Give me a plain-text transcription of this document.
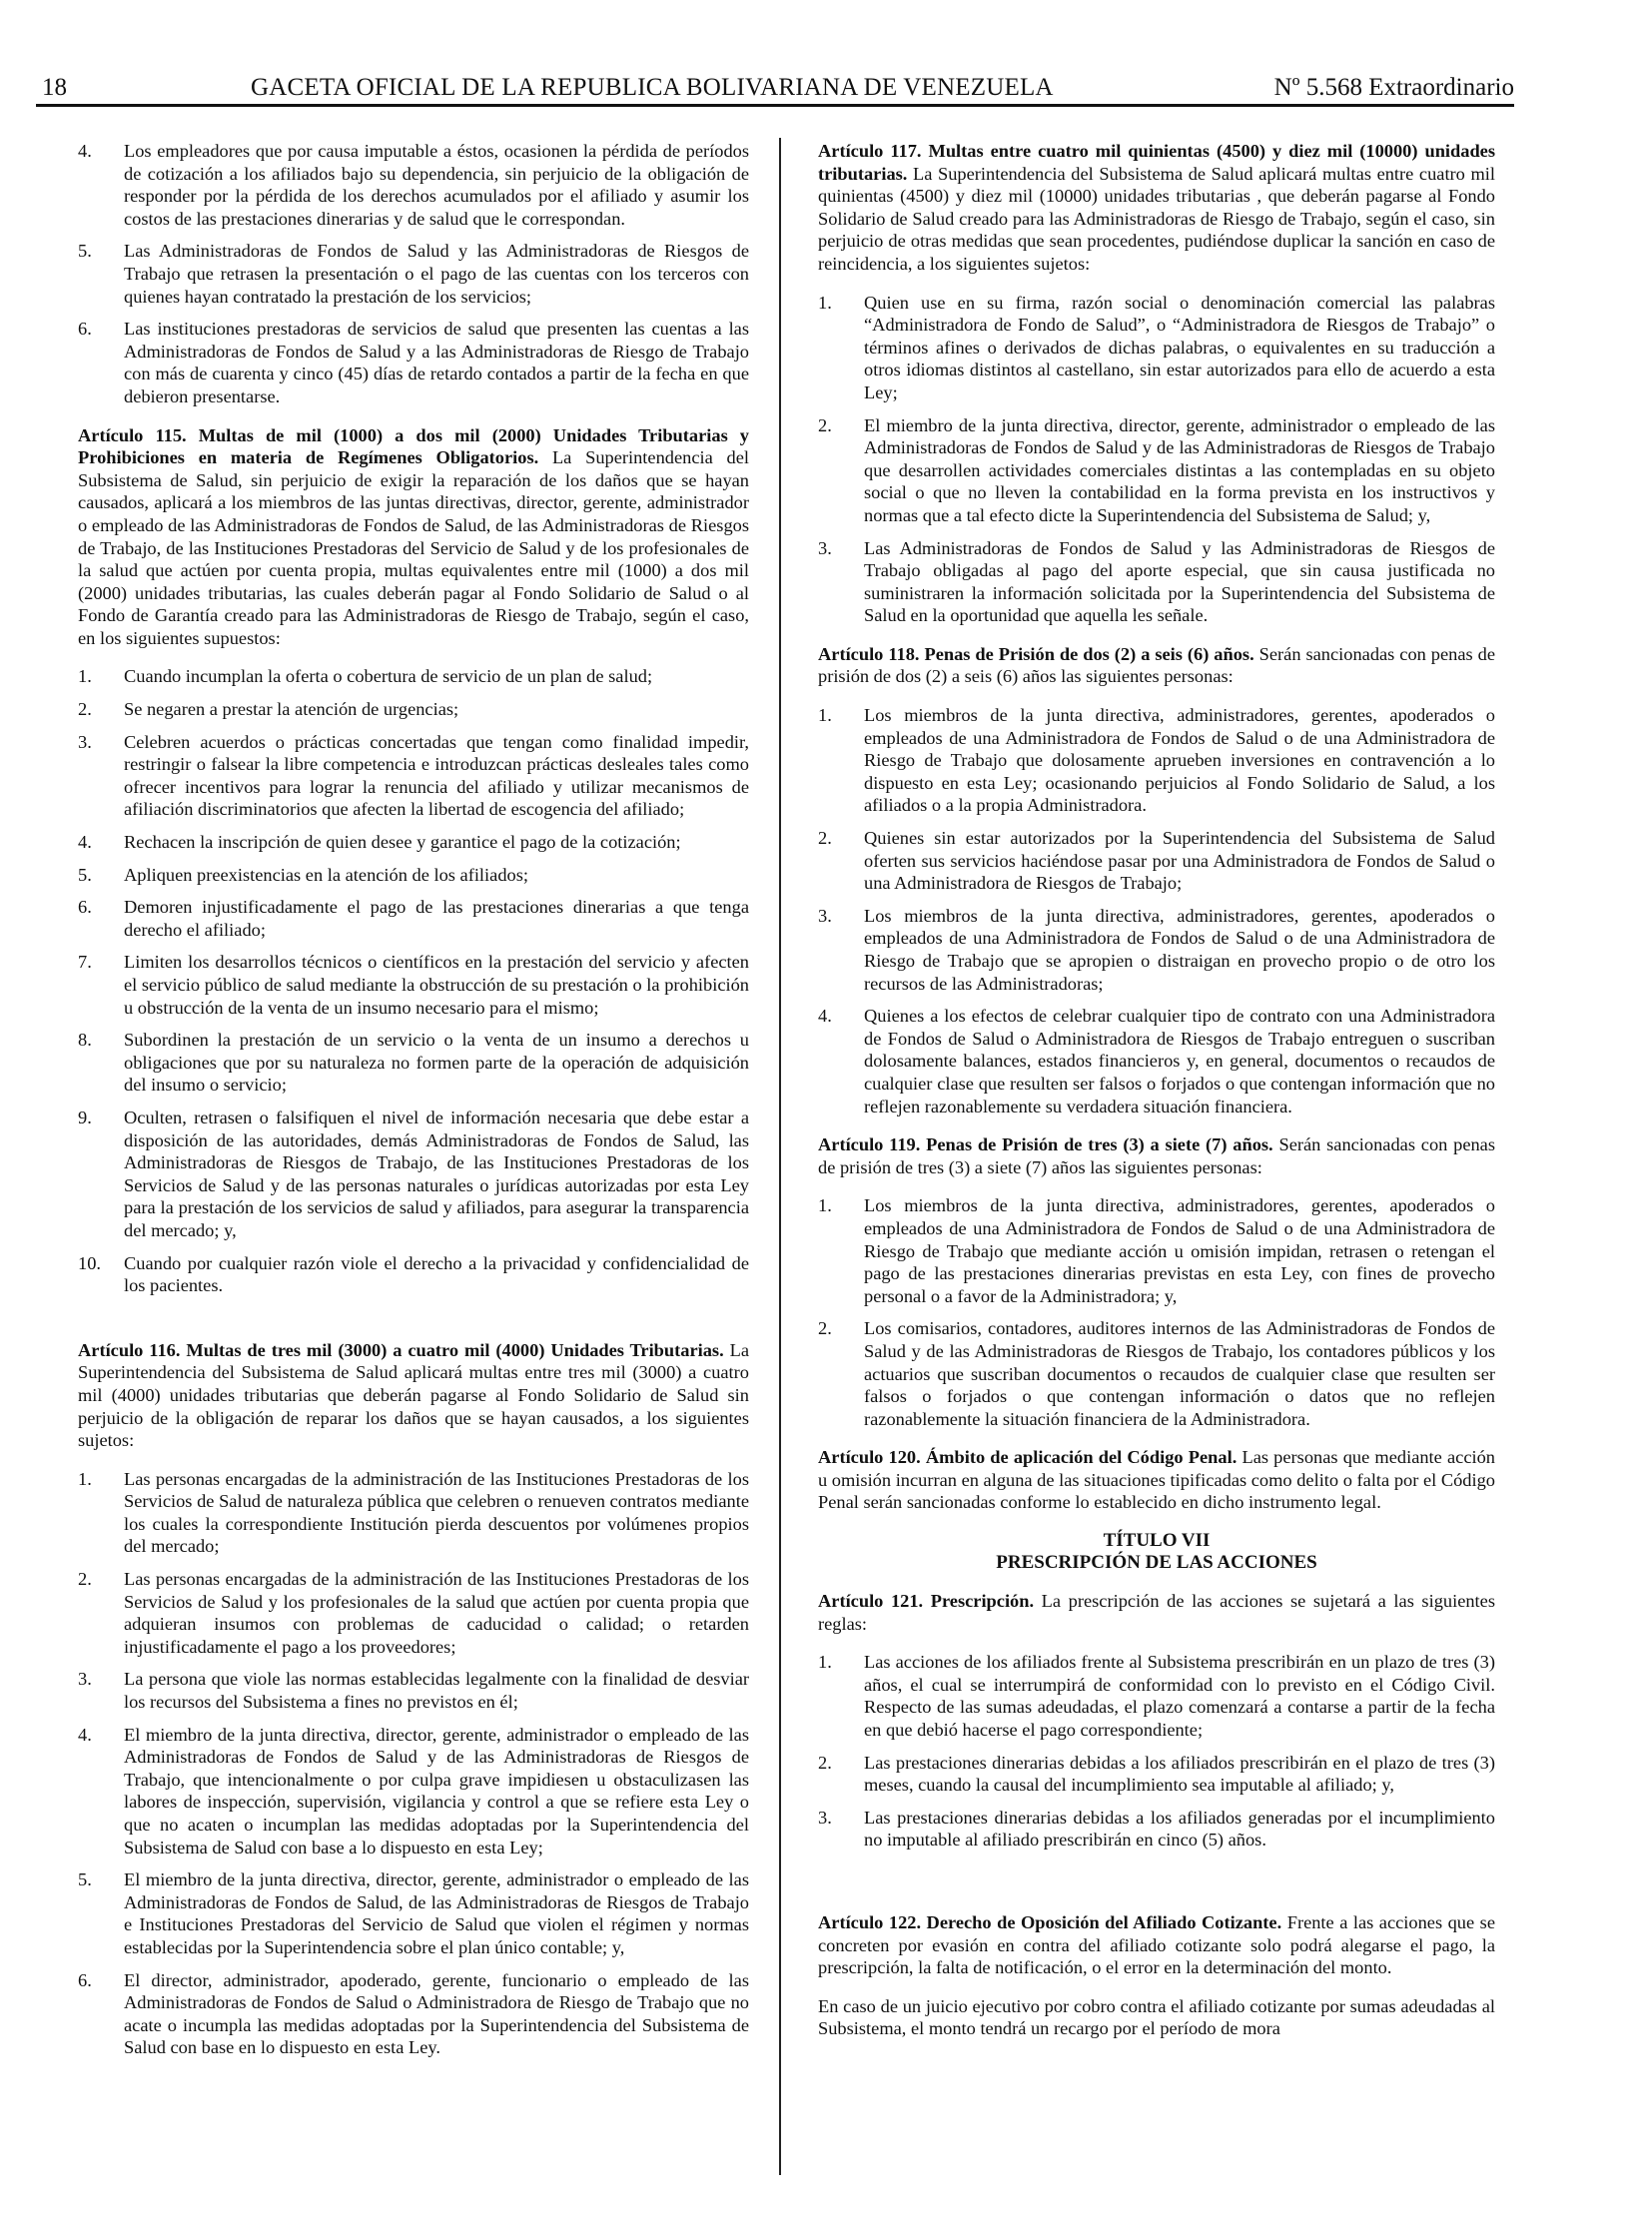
18	GACETA OFICIAL DE LA REPUBLICA BOLIVARIANA DE VENEZUELA	Nº 5.568 Extraordinario
4. Los empleadores que por causa imputable a éstos, ocasionen la pérdida de períodos de cotización a los afiliados bajo su dependencia, sin perjuicio de la obligación de responder por la pérdida de los derechos acumulados por el afiliado y asumir los costos de las prestaciones dinerarias y de salud que le correspondan.
5. Las Administradoras de Fondos de Salud y las Administradoras de Riesgos de Trabajo que retrasen la presentación o el pago de las cuentas con los terceros con quienes hayan contratado la prestación de los servicios;
6. Las instituciones prestadoras de servicios de salud que presenten las cuentas a las Administradoras de Fondos de Salud y a las Administradoras de Riesgo de Trabajo con más de cuarenta y cinco (45) días de retardo contados a partir de la fecha en que debieron presentarse.

Artículo 115. Multas de mil (1000) a dos mil (2000) Unidades Tributarias y Prohibiciones en materia de Regímenes Obligatorios. La Superintendencia del Subsistema de Salud, sin perjuicio de exigir la reparación de los daños que se hayan causados, aplicará a los miembros de las juntas directivas, director, gerente, administrador o empleado de las Administradoras de Fondos de Salud, de las Administradoras de Riesgos de Trabajo, de las Instituciones Prestadoras del Servicio de Salud y de los profesionales de la salud que actúen por cuenta propia, multas equivalentes entre mil (1000) a dos mil (2000) unidades tributarias, las cuales deberán pagar al Fondo Solidario de Salud o al Fondo de Garantía creado para las Administradoras de Riesgo de Trabajo, según el caso, en los siguientes supuestos:

1. Cuando incumplan la oferta o cobertura de servicio de un plan de salud;
2. Se negaren a prestar la atención de urgencias;
3. Celebren acuerdos o prácticas concertadas que tengan como finalidad impedir, restringir o falsear la libre competencia e introduzcan prácticas desleales tales como ofrecer incentivos para lograr la renuncia del afiliado y utilizar mecanismos de afiliación discriminatorios que afecten la libertad de escogencia del afiliado;
4. Rechacen la inscripción de quien desee y garantice el pago de la cotización;
5. Apliquen preexistencias en la atención de los afiliados;
6. Demoren injustificadamente el pago de las prestaciones dinerarias a que tenga derecho el afiliado;
7. Limiten los desarrollos técnicos o científicos en la prestación del servicio y afecten el servicio público de salud mediante la obstrucción de su prestación o la prohibición u obstrucción de la venta de un insumo necesario para el mismo;
8. Subordinen la prestación de un servicio o la venta de un insumo a derechos u obligaciones que por su naturaleza no formen parte de la operación de adquisición del insumo o servicio;
9. Oculten, retrasen o falsifiquen el nivel de información necesaria que debe estar a disposición de las autoridades, demás Administradoras de Fondos de Salud, las Administradoras de Riesgos de Trabajo, de las Instituciones Prestadoras de los Servicios de Salud y de las personas naturales o jurídicas autorizadas por esta Ley para la prestación de los servicios de salud y afiliados, para asegurar la transparencia del mercado; y,
10. Cuando por cualquier razón viole el derecho a la privacidad y confidencialidad de los pacientes.

Artículo 116. Multas de tres mil (3000) a cuatro mil (4000) Unidades Tributarias. La Superintendencia del Subsistema de Salud aplicará multas entre tres mil (3000) a cuatro mil (4000) unidades tributarias que deberán pagarse al Fondo Solidario de Salud sin perjuicio de la obligación de reparar los daños que se hayan causados, a los siguientes sujetos:

1. Las personas encargadas de la administración de las Instituciones Prestadoras de los Servicios de Salud de naturaleza pública que celebren o renueven contratos mediante los cuales la correspondiente Institución pierda descuentos por volúmenes propios del mercado;
2. Las personas encargadas de la administración de las Instituciones Prestadoras de los Servicios de Salud y los profesionales de la salud que actúen por cuenta propia que adquieran insumos con problemas de caducidad o calidad; o retarden injustificadamente el pago a los proveedores;
3. La persona que viole las normas establecidas legalmente con la finalidad de desviar los recursos del Subsistema a fines no previstos en él;
4. El miembro de la junta directiva, director, gerente, administrador o empleado de las Administradoras de Fondos de Salud y de las Administradoras de Riesgos de Trabajo, que intencionalmente o por culpa grave impidiesen u obstaculizasen las labores de inspección, supervisión, vigilancia y control a que se refiere esta Ley o que no acaten o incumplan las medidas adoptadas por la Superintendencia del Subsistema de Salud con base a lo dispuesto en esta Ley;
5. El miembro de la junta directiva, director, gerente, administrador o empleado de las Administradoras de Fondos de Salud, de las Administradoras de Riesgos de Trabajo e Instituciones Prestadoras del Servicio de Salud que violen el régimen y normas establecidas por la Superintendencia sobre el plan único contable; y,
6. El director, administrador, apoderado, gerente, funcionario o empleado de las Administradoras de Fondos de Salud o Administradora de Riesgo de Trabajo que no acate o incumpla las medidas adoptadas por la Superintendencia del Subsistema de Salud con base en lo dispuesto en esta Ley.

Artículo 117. Multas entre cuatro mil quinientas (4500) y diez mil (10000) unidades tributarias. La Superintendencia del Subsistema de Salud aplicará multas entre cuatro mil quinientas (4500) y diez mil (10000) unidades tributarias , que deberán pagarse al Fondo Solidario de Salud creado para las Administradoras de Riesgo de Trabajo, según el caso, sin perjuicio de otras medidas que sean procedentes, pudiéndose duplicar la sanción en caso de reincidencia, a los siguientes sujetos:

1. Quien use en su firma, razón social o denominación comercial las palabras “Administradora de Fondo de Salud”, o “Administradora de Riesgos de Trabajo” o términos afines o derivados de dichas palabras, o equivalentes en su traducción a otros idiomas distintos al castellano, sin estar autorizados para ello de acuerdo a esta Ley;
2. El miembro de la junta directiva, director, gerente, administrador o empleado de las Administradoras de Fondos de Salud y de las Administradoras de Riesgos de Trabajo que desarrollen actividades comerciales distintas a las contempladas en su objeto social o que no lleven la contabilidad en la forma prevista en los instructivos y normas que a tal efecto dicte la Superintendencia del Subsistema de Salud; y,
3. Las Administradoras de Fondos de Salud y las Administradoras de Riesgos de Trabajo obligadas al pago del aporte especial, que sin causa justificada no suministraren la información solicitada por la Superintendencia del Subsistema de Salud en la oportunidad que aquella les señale.

Artículo 118. Penas de Prisión de dos (2) a seis (6) años. Serán sancionadas con penas de prisión de dos (2) a seis (6) años las siguientes personas:

1. Los miembros de la junta directiva, administradores, gerentes, apoderados o empleados de una Administradora de Fondos de Salud o de una Administradora de Riesgo de Trabajo que dolosamente aprueben inversiones en contravención a lo dispuesto en esta Ley; ocasionando perjuicios al Fondo Solidario de Salud, a los afiliados o a la propia Administradora.
2. Quienes sin estar autorizados por la Superintendencia del Subsistema de Salud oferten sus servicios haciéndose pasar por una Administradora de Fondos de Salud o una Administradora de Riesgos de Trabajo;
3. Los miembros de la junta directiva, administradores, gerentes, apoderados o empleados de una Administradora de Fondos de Salud o de una Administradora de Riesgo de Trabajo que se apropien o distraigan en provecho propio o de otro los recursos de las Administradoras;
4. Quienes a los efectos de celebrar cualquier tipo de contrato con una Administradora de Fondos de Salud o Administradora de Riesgos de Trabajo entreguen o suscriban dolosamente balances, estados financieros y, en general, documentos o recaudos de cualquier clase que resulten ser falsos o forjados o que contengan información que no reflejen razonablemente su verdadera situación financiera.

Artículo 119. Penas de Prisión de tres (3) a siete (7) años. Serán sancionadas con penas de prisión de tres (3) a siete (7) años las siguientes personas:

1. Los miembros de la junta directiva, administradores, gerentes, apoderados o empleados de una Administradora de Fondos de Salud o de una Administradora de Riesgo de Trabajo que mediante acción u omisión impidan, retrasen o retengan el pago de las prestaciones dinerarias previstas en esta Ley, con fines de provecho personal o a favor de la Administradora; y,
2. Los comisarios, contadores, auditores internos de las Administradoras de Fondos de Salud y de las Administradoras de Riesgos de Trabajo, los contadores públicos y los actuarios que suscriban documentos o recaudos de cualquier clase que resulten ser falsos o forjados o que contengan información o datos que no reflejen razonablemente la situación financiera de la Administradora.

Artículo 120. Ámbito de aplicación del Código Penal. Las personas que mediante acción u omisión incurran en alguna de las situaciones tipificadas como delito o falta por el Código Penal serán sancionadas conforme lo establecido en dicho instrumento legal.

TÍTULO VII
PRESCRIPCIÓN DE LAS ACCIONES

Artículo 121. Prescripción. La prescripción de las acciones se sujetará a las siguientes reglas:

1. Las acciones de los afiliados frente al Subsistema prescribirán en un plazo de tres (3) años, el cual se interrumpirá de conformidad con lo previsto en el Código Civil. Respecto de las sumas adeudadas, el plazo comenzará a contarse a partir de la fecha en que debió hacerse el pago correspondiente;
2. Las prestaciones dinerarias debidas a los afiliados prescribirán en el plazo de tres (3) meses, cuando la causal del incumplimiento sea imputable al afiliado; y,
3. Las prestaciones dinerarias debidas a los afiliados generadas por el incumplimiento no imputable al afiliado prescribirán en cinco (5) años.

Artículo 122. Derecho de Oposición del Afiliado Cotizante. Frente a las acciones que se concreten por evasión en contra del afiliado cotizante solo podrá alegarse el pago, la prescripción, la falta de notificación, o el error en la determinación del monto.

En caso de un juicio ejecutivo por cobro contra el afiliado cotizante por sumas adeudadas al Subsistema, el monto tendrá un recargo por el período de mora
